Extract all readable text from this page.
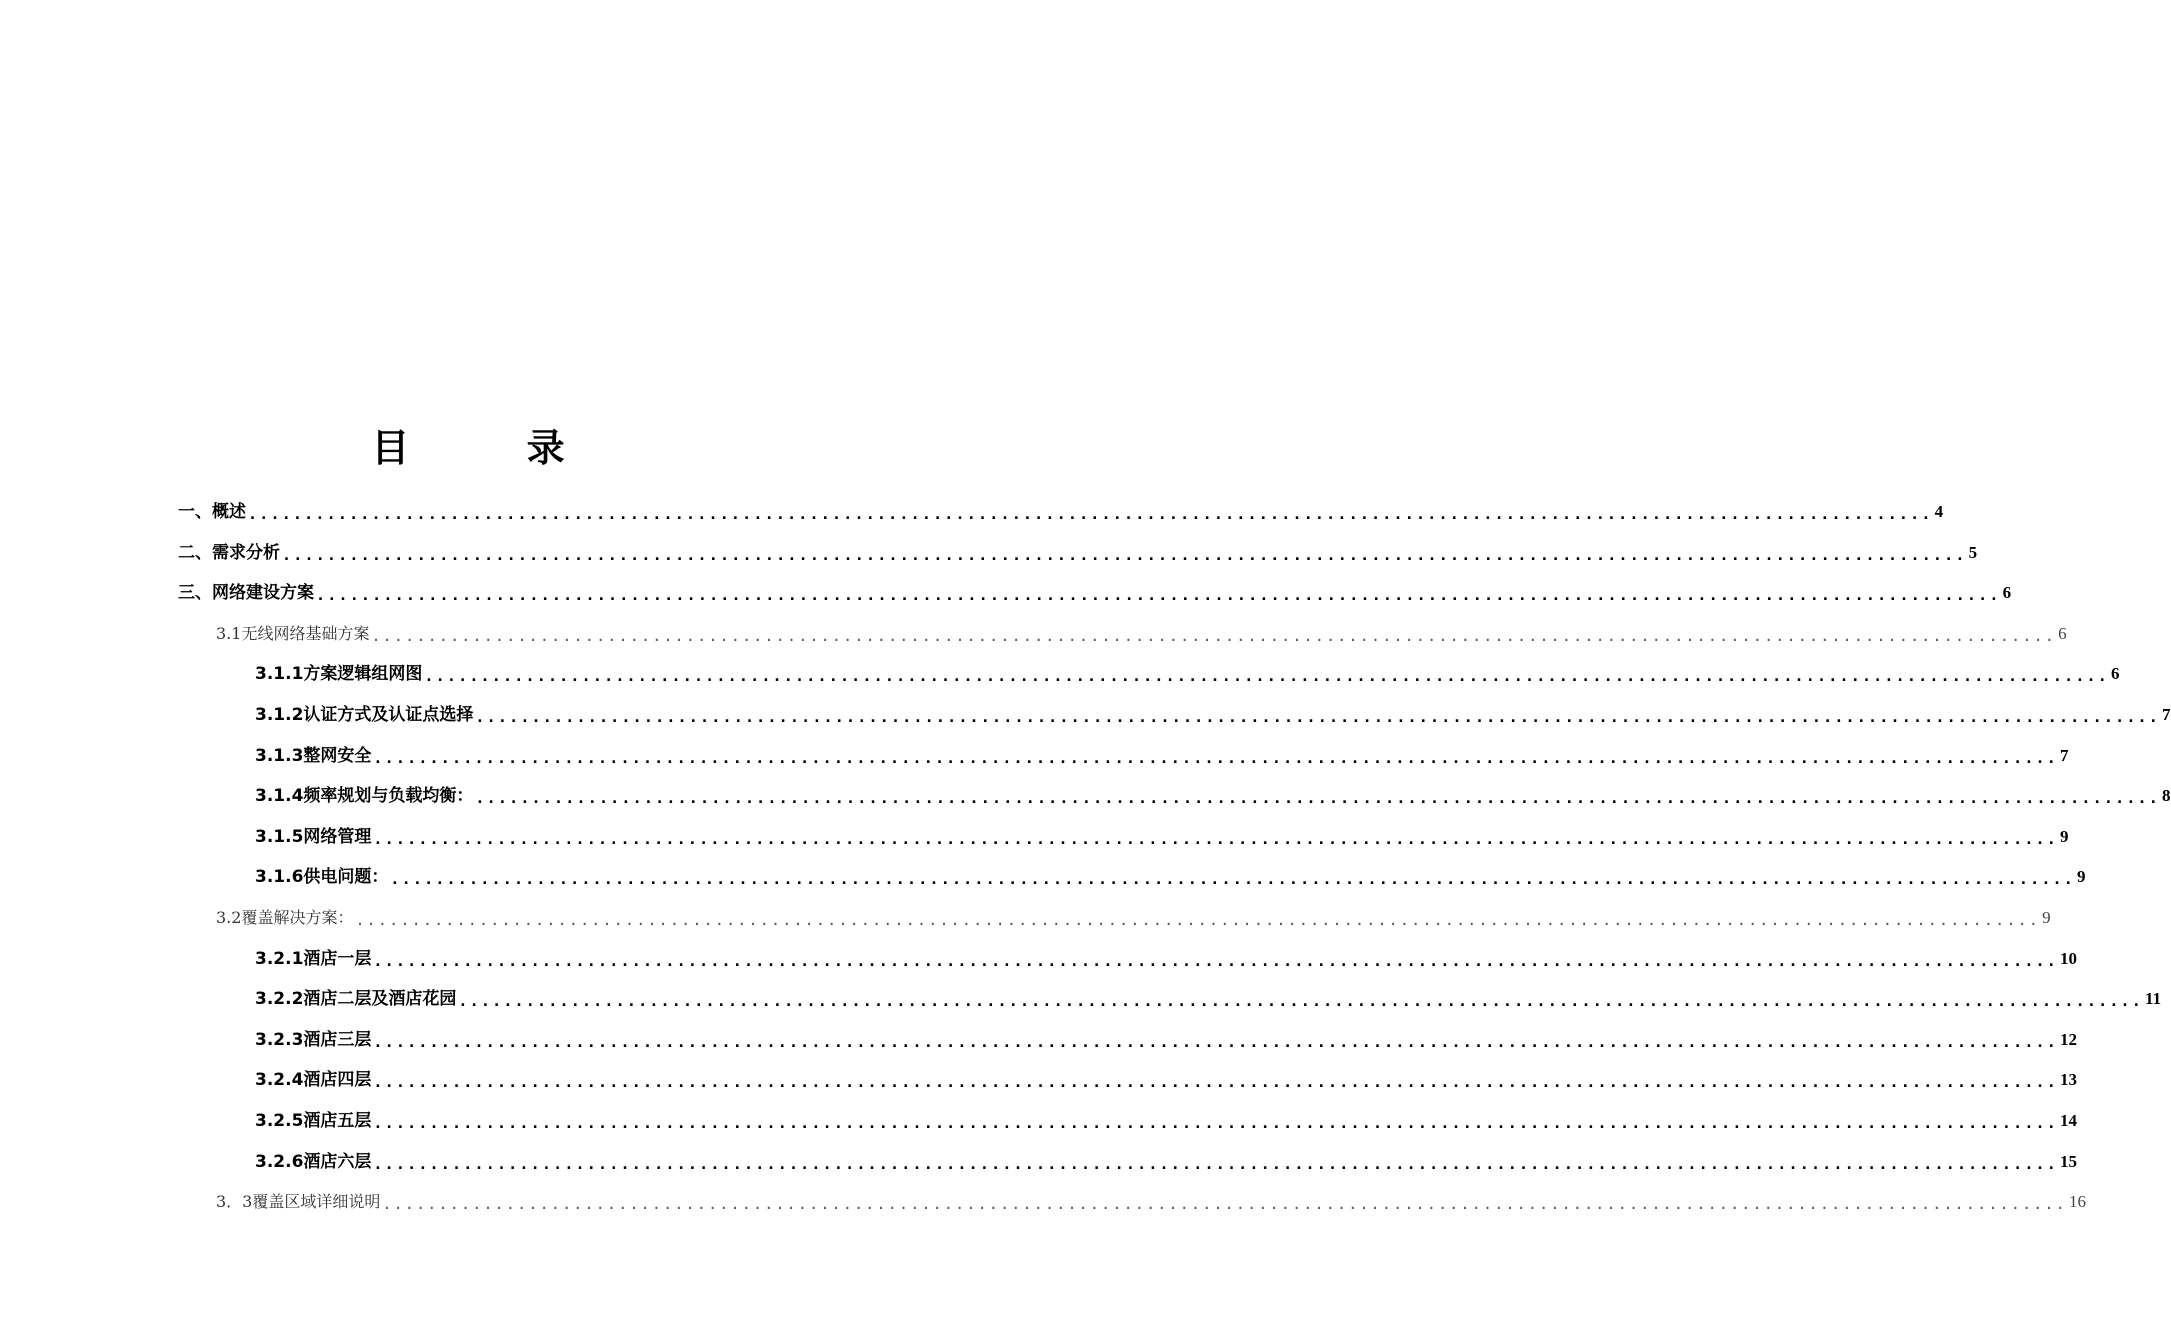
目 录
一、概述 ...................................................................................................................................................... 4
二、需求分析 ...................................................................................................................................................... 5
三、网络建设方案 ...................................................................................................................................................... 6
3.1无线网络基础方案 ...................................................................................................................................................... 6
3.1.1方案逻辑组网图 ...................................................................................................................................................... 6
3.1.2认证方式及认证点选择 ...................................................................................................................................................... 7
3.1.3整网安全 ...................................................................................................................................................... 7
3.1.4频率规划与负载均衡： ...................................................................................................................................................... 8
3.1.5网络管理 ...................................................................................................................................................... 9
3.1.6供电问题： ...................................................................................................................................................... 9
3.2覆盖解决方案： ...................................................................................................................................................... 9
3.2.1酒店一层 ...................................................................................................................................................... 10
3.2.2酒店二层及酒店花园 ...................................................................................................................................................... 11
3.2.3酒店三层 ...................................................................................................................................................... 12
3.2.4酒店四层 ...................................................................................................................................................... 13
3.2.5酒店五层 ...................................................................................................................................................... 14
3.2.6酒店六层 ...................................................................................................................................................... 15
3．3覆盖区域详细说明 ...................................................................................................................................................... 16
